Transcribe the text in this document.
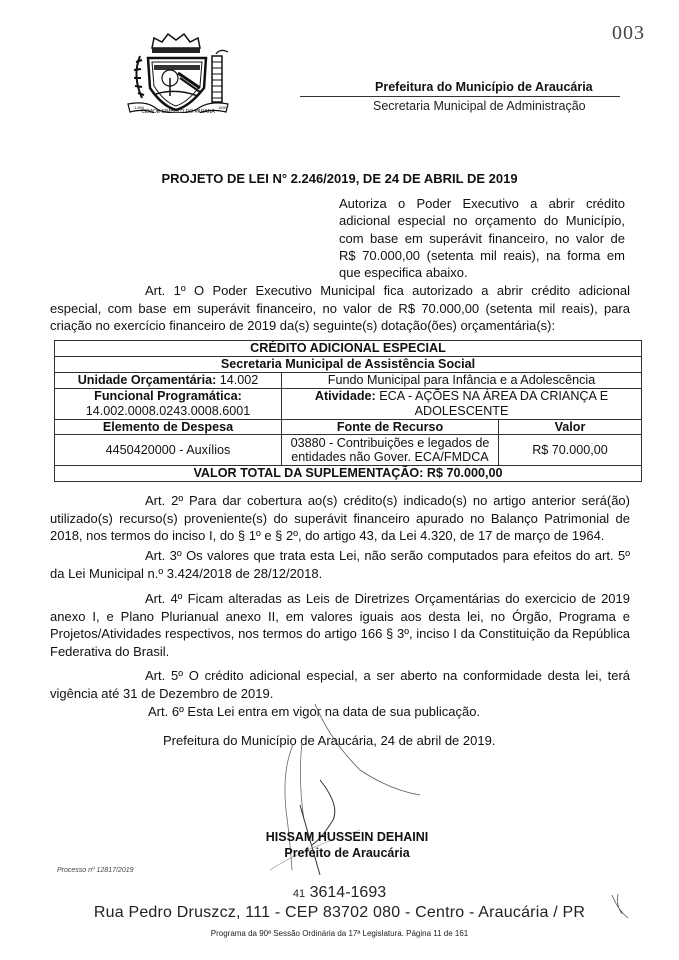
CIDADE SÍMBOLO DO PARANÁ
1.890	1890
003
Prefeitura do Município de Araucária
Secretaria Municipal de Administração
PROJETO DE LEI N° 2.246/2019, DE 24 DE ABRIL DE 2019
Autoriza o Poder Executivo a abrir crédito adicional especial no orçamento do Município, com base em superávit financeiro, no valor de R$ 70.000,00 (setenta mil reais), na forma em que especifica abaixo.
Art. 1º O Poder Executivo Municipal fica autorizado a abrir crédito adicional especial, com base em superávit financeiro, no valor de R$ 70.000,00 (setenta mil reais), para criação no exercício financeiro de 2019 da(s) seguinte(s) dotação(ões) orçamentária(s):
CRÉDITO ADICIONAL ESPECIAL		
Secretaria Municipal de Assistência Social		
Unidade Orçamentária: 14.002	Fundo Municipal para Infância e a Adolescência	
Funcional Programática:
14.002.0008.0243.0008.6001	Atividade: ECA - AÇÕES NA ÁREA DA CRIANÇA E ADOLESCENTE	
Elemento de Despesa	Fonte de Recurso	Valor
4450420000 - Auxílios	03880 - Contribuições e legados de entidades não Gover. ECA/FMDCA	R$ 70.000,00
VALOR TOTAL DA SUPLEMENTAÇÃO: R$ 70.000,00		
Art. 2º Para dar cobertura ao(s) crédito(s) indicado(s) no artigo anterior será(ão) utilizado(s) recurso(s) proveniente(s) do superávit financeiro apurado no Balanço Patrimonial de 2018, nos termos do inciso I, do § 1º e § 2º, do artigo 43, da Lei 4.320, de 17 de março de 1964.
Art. 3º Os valores que trata esta Lei, não serão computados para efeitos do art. 5º da Lei Municipal n.º 3.424/2018 de 28/12/2018.
Art. 4º Ficam alteradas as Leis de Diretrizes Orçamentárias do exercicio de 2019 anexo I, e Plano Plurianual anexo II, em valores iguais aos desta lei, no Órgão, Programa e Projetos/Atividades respectivos, nos termos do artigo 166 § 3º, inciso I da Constituição da República Federativa do Brasil.
Art. 5º O crédito adicional especial, a ser aberto na conformidade desta lei, terá vigência até 31 de Dezembro de 2019.
Art. 6º Esta Lei entra em vigor na data de sua publicação.
Prefeitura do Município de Araucária, 24 de abril de 2019.
HISSAM HUSSEIN DEHAINI
Prefeito de Araucária
Processo nº 12817/2019
41 3614-1693
Rua Pedro Druszcz, 111 - CEP 83702 080 - Centro - Araucária / PR
Programa da 90ª Sessão Ordinária da 17ª Legislatura. Página 11 de 161
